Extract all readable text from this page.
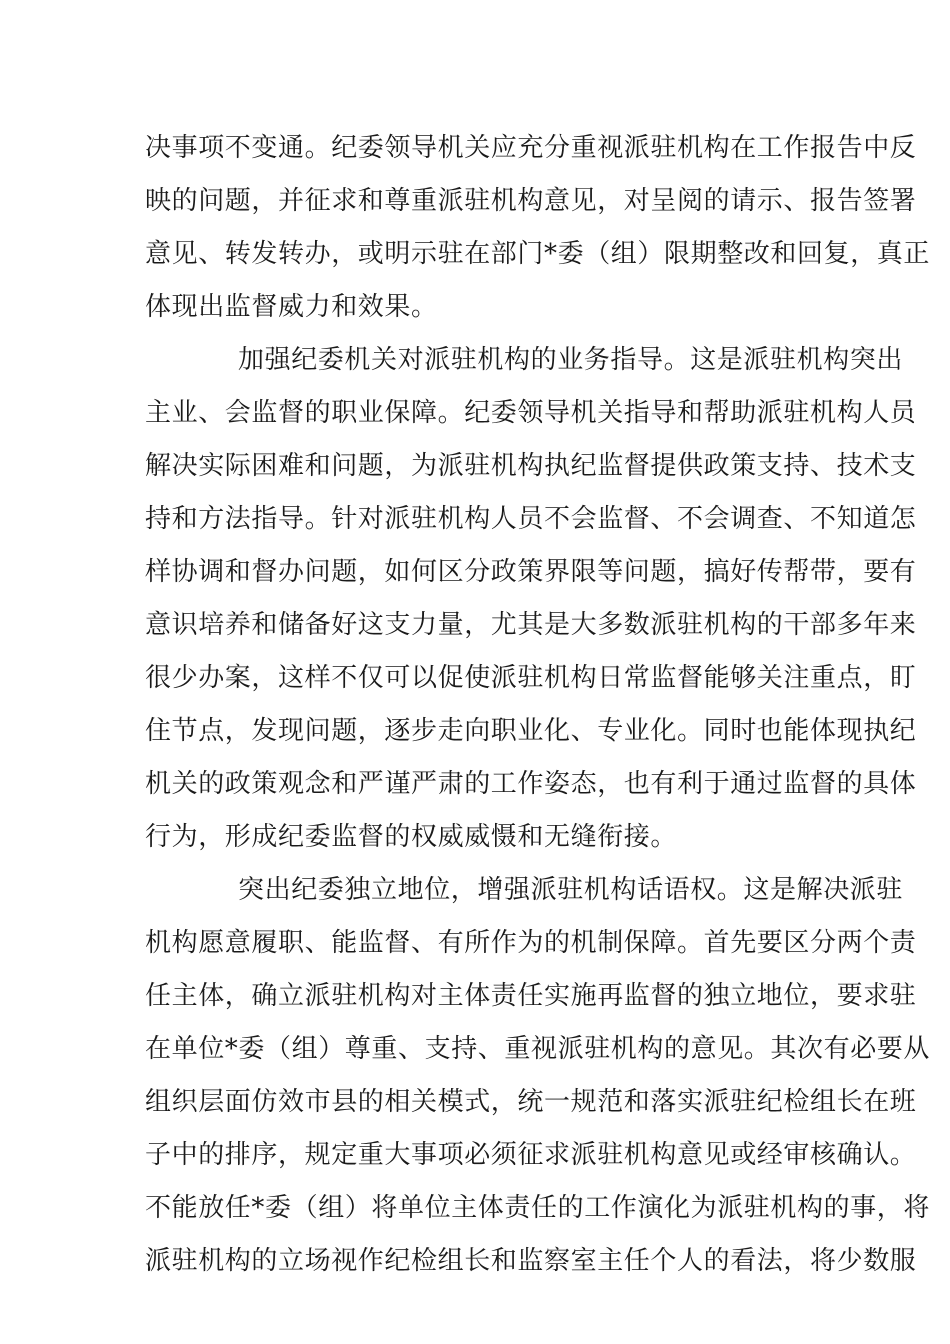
决事项不变通。纪委领导机关应充分重视派驻机构在工作报告中反
映的问题，并征求和尊重派驻机构意见，对呈阅的请示、报告签署
意见、转发转办，或明示驻在部门*委（组）限期整改和回复，真正
体现出监督威力和效果。
加强纪委机关对派驻机构的业务指导。这是派驻机构突出
主业、会监督的职业保障。纪委领导机关指导和帮助派驻机构人员
解决实际困难和问题，为派驻机构执纪监督提供政策支持、技术支
持和方法指导。针对派驻机构人员不会监督、不会调查、不知道怎
样协调和督办问题，如何区分政策界限等问题，搞好传帮带，要有
意识培养和储备好这支力量，尤其是大多数派驻机构的干部多年来
很少办案，这样不仅可以促使派驻机构日常监督能够关注重点，盯
住节点，发现问题，逐步走向职业化、专业化。同时也能体现执纪
机关的政策观念和严谨严肃的工作姿态，也有利于通过监督的具体
行为，形成纪委监督的权威威慑和无缝衔接。
突出纪委独立地位，增强派驻机构话语权。这是解决派驻
机构愿意履职、能监督、有所作为的机制保障。首先要区分两个责
任主体，确立派驻机构对主体责任实施再监督的独立地位，要求驻
在单位*委（组）尊重、支持、重视派驻机构的意见。其次有必要从
组织层面仿效市县的相关模式，统一规范和落实派驻纪检组长在班
子中的排序，规定重大事项必须征求派驻机构意见或经审核确认。
不能放任*委（组）将单位主体责任的工作演化为派驻机构的事，将
派驻机构的立场视作纪检组长和监察室主任个人的看法，将少数服
